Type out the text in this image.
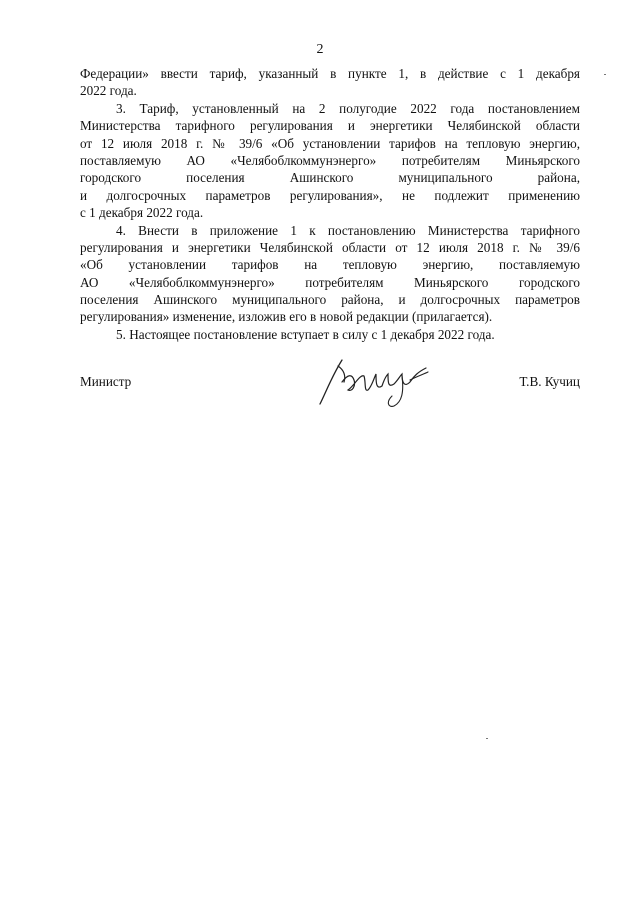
2
Федерации» ввести тариф, указанный в пункте 1, в действие с 1 декабря
2022 года.
3. Тариф, установленный на 2 полугодие 2022 года постановлением
Министерства тарифного регулирования и энергетики Челябинской области
от 12 июля 2018 г. № 39/6 «Об установлении тарифов на тепловую энергию,
поставляемую АО «Челябоблкоммунэнерго» потребителям Миньярского
городского поселения Ашинского муниципального района,
и долгосрочных параметров регулирования», не подлежит применению
с 1 декабря 2022 года.
4. Внести в приложение 1 к постановлению Министерства тарифного
регулирования и энергетики Челябинской области от 12 июля 2018 г. № 39/6
«Об установлении тарифов на тепловую энергию, поставляемую
АО «Челябоблкоммунэнерго» потребителям Миньярского городского
поселения Ашинского муниципального района, и долгосрочных параметров
регулирования» изменение, изложив его в новой редакции (прилагается).
5. Настоящее постановление вступает в силу с 1 декабря 2022 года.
Министр	Т.В. Кучиц
